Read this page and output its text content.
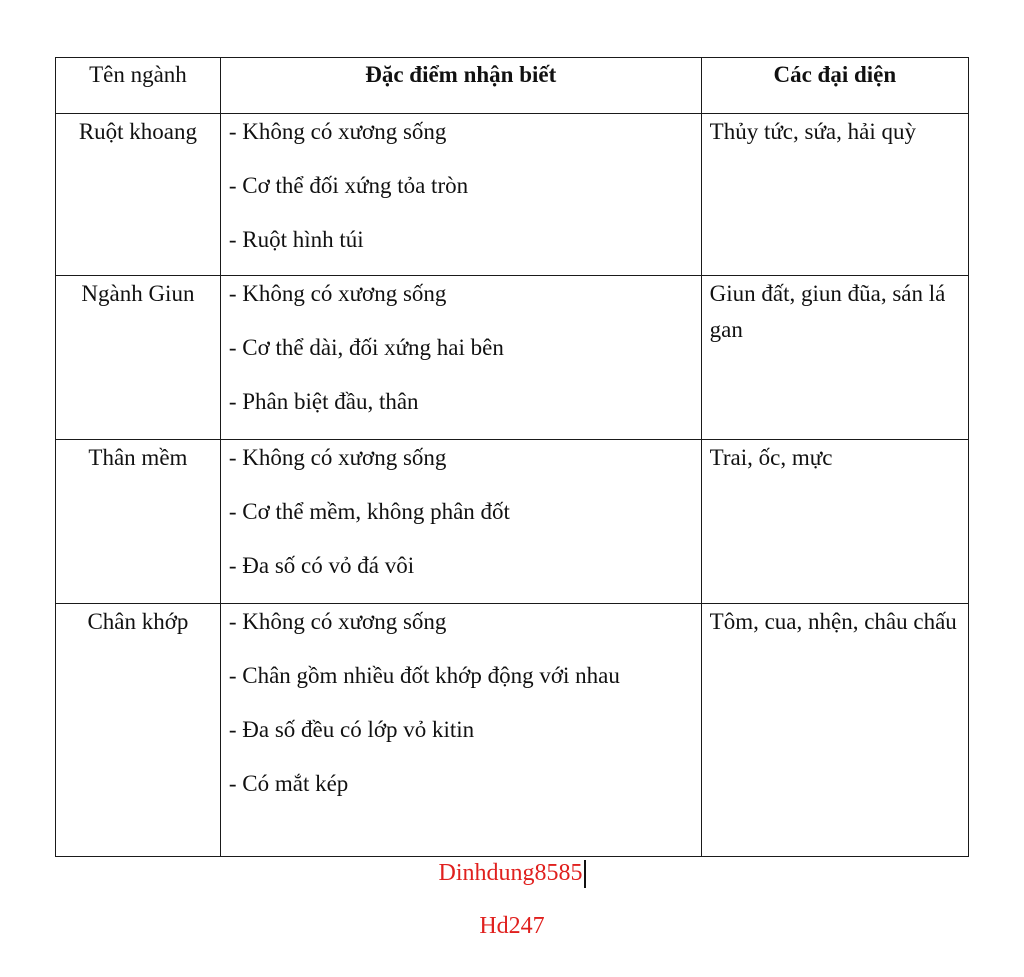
Tên ngành	Đặc điểm nhận biết	Các đại diện
Ruột khoang	- Không có xương sống
- Cơ thể đối xứng tỏa tròn
- Ruột hình túi	Thủy tức, sứa, hải quỳ

Ngành Giun	- Không có xương sống
- Cơ thể dài, đối xứng hai bên
- Phân biệt đầu, thân	Giun đất, giun đũa, sán lá gan

Thân mềm	- Không có xương sống
- Cơ thể mềm, không phân đốt
- Đa số có vỏ đá vôi	Trai, ốc, mực

Chân khớp	- Không có xương sống
- Chân gồm nhiều đốt khớp động với nhau
- Đa số đều có lớp vỏ kitin
- Có mắt kép	Tôm, cua, nhện, châu chấu
Dinhdung8585
Hd247
